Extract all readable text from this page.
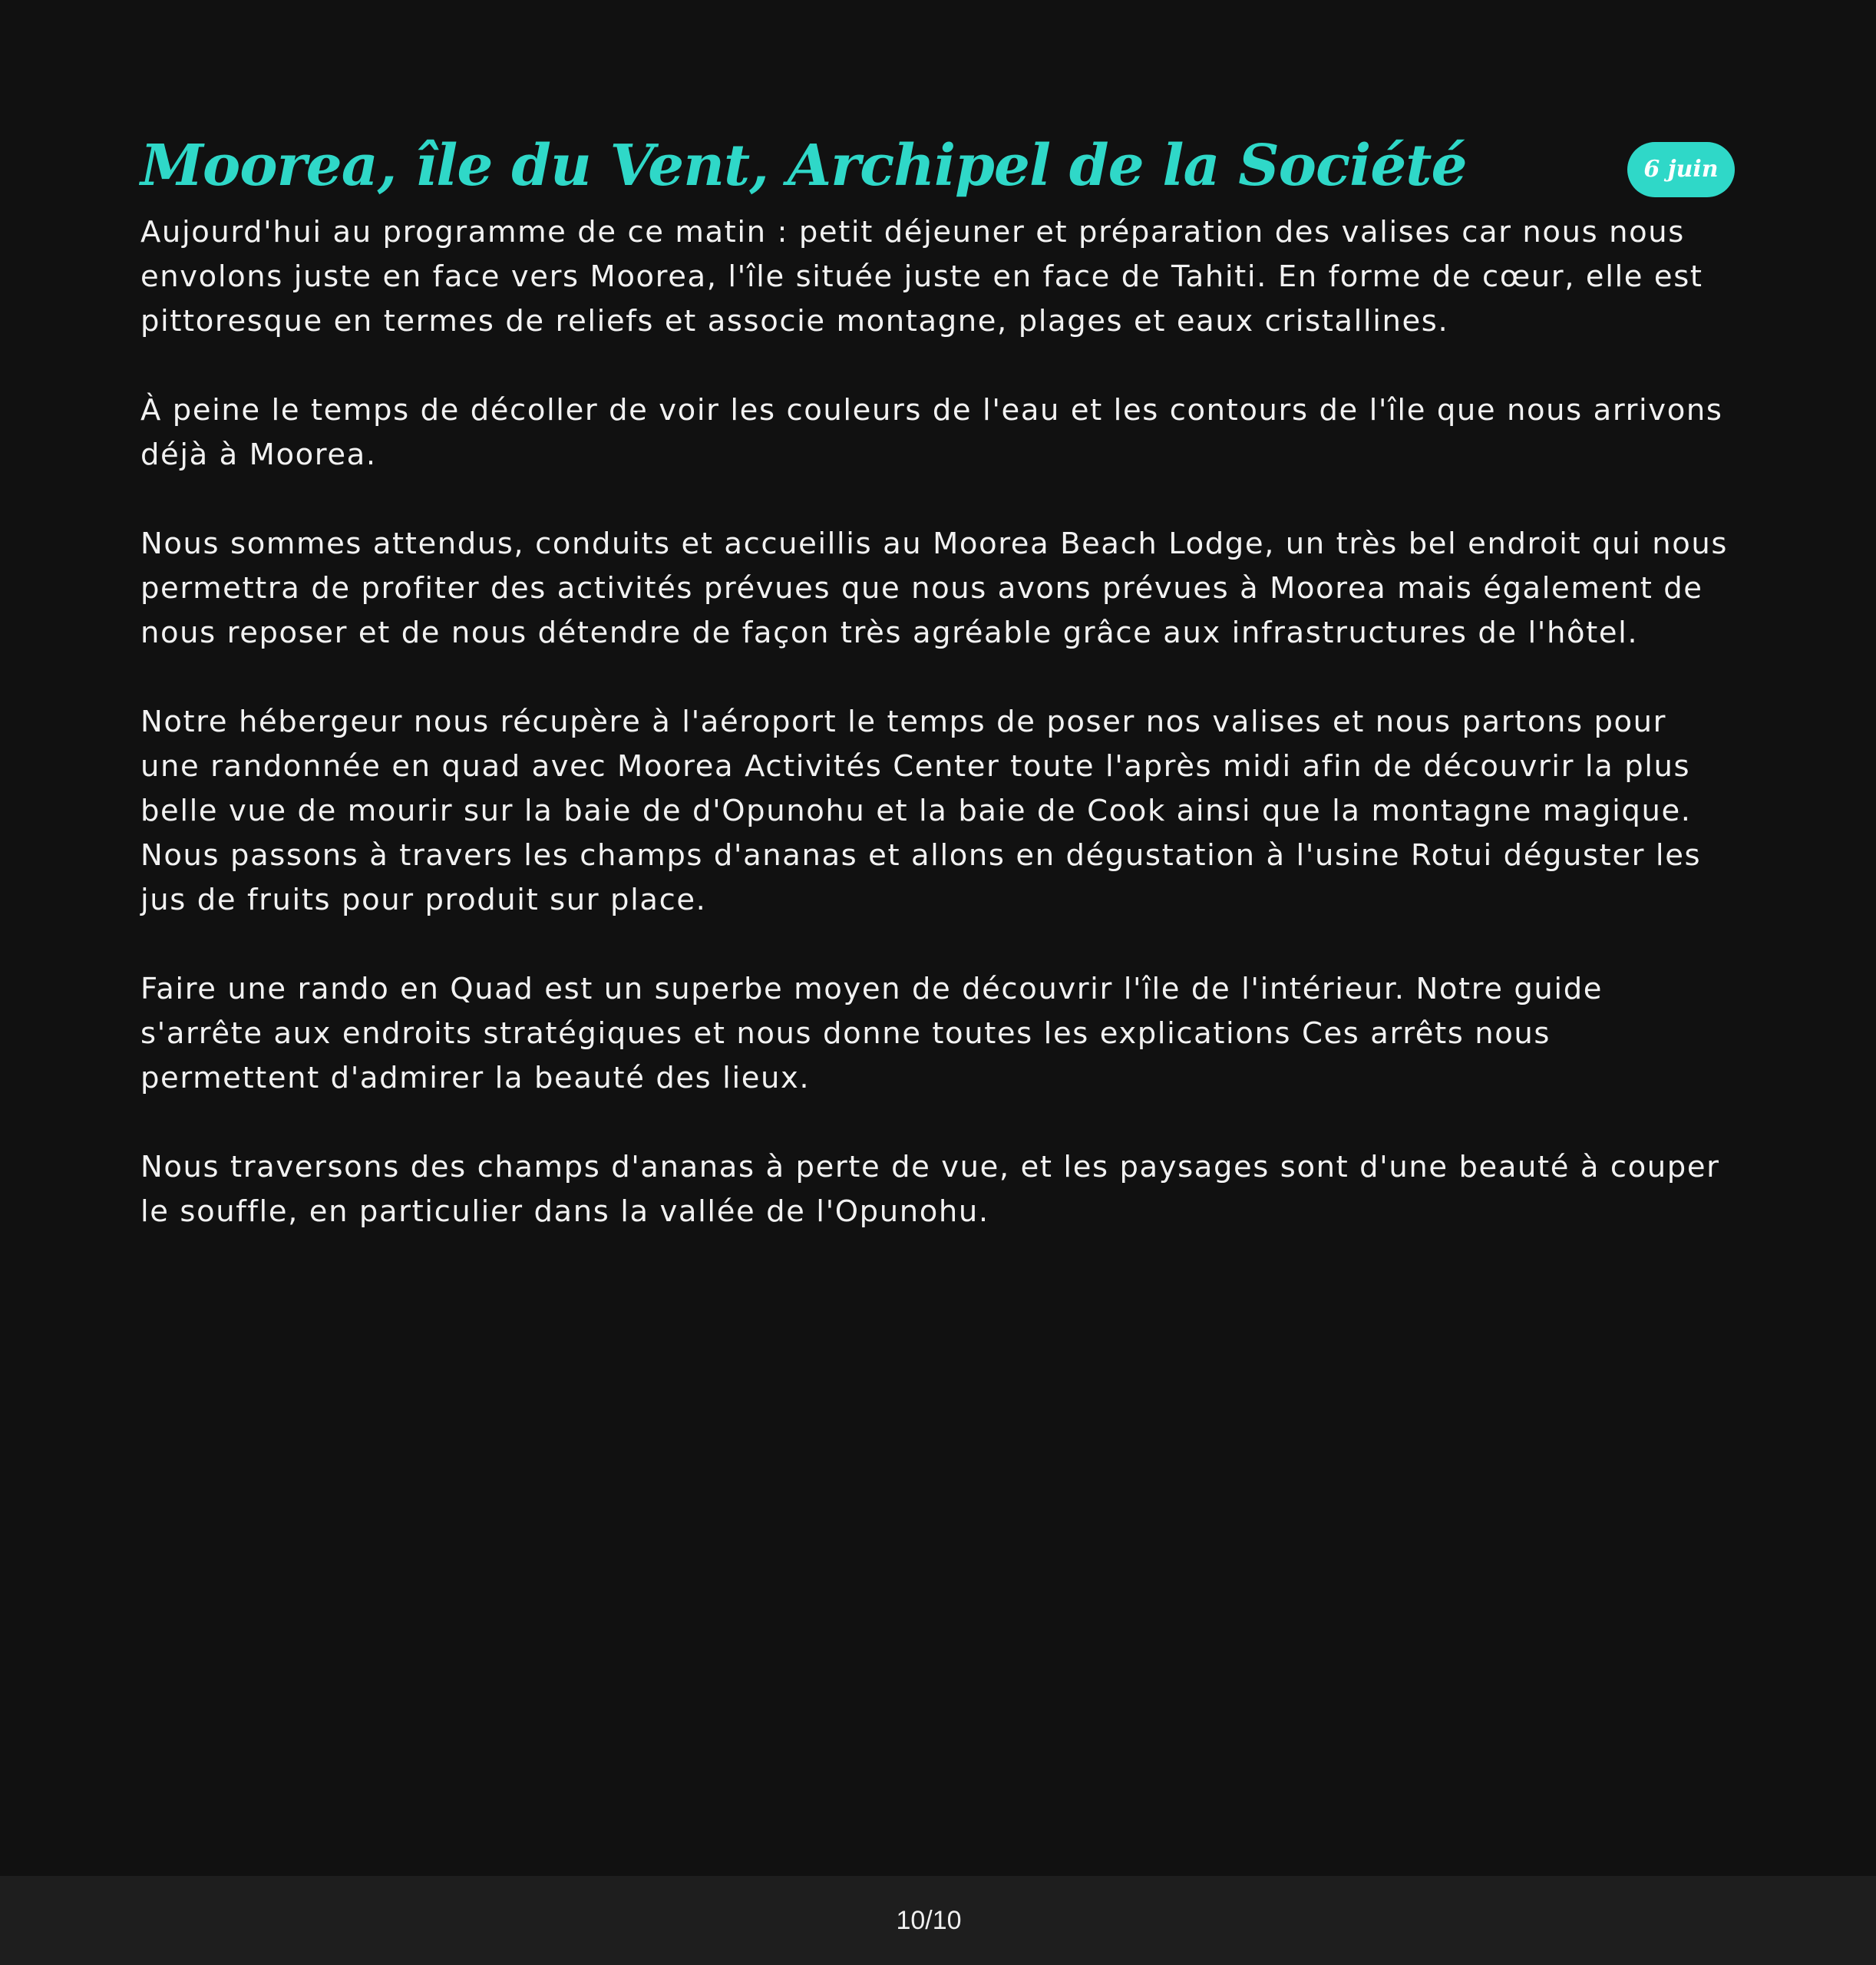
Moorea, île du Vent, Archipel de la Société	6 juin

Aujourd'hui au programme de ce matin : petit déjeuner et préparation des valises car nous nous envolons juste en face vers Moorea, l'île située juste en face de Tahiti. En forme de cœur, elle est pittoresque en termes de reliefs et associe montagne, plages et eaux cristallines.

À peine le temps de décoller de voir les couleurs de l'eau et les contours de l'île que nous arrivons déjà à Moorea.

Nous sommes attendus, conduits et accueillis au Moorea Beach Lodge, un très bel endroit qui nous permettra de profiter des activités prévues que nous avons prévues à Moorea mais également de nous reposer et de nous détendre de façon très agréable grâce aux infrastructures de l'hôtel.

Notre hébergeur nous récupère à l'aéroport le temps de poser nos valises et nous partons pour une randonnée en quad avec Moorea Activités Center toute l'après midi afin de découvrir la plus belle vue de mourir sur la baie de d'Opunohu et la baie de Cook ainsi que la montagne magique. Nous passons à travers les champs d'ananas et allons en dégustation à l'usine Rotui déguster les jus de fruits pour produit sur place.

Faire une rando en Quad est un superbe moyen de découvrir l'île de l'intérieur. Notre guide s'arrête aux endroits stratégiques et nous donne toutes les explications Ces arrêts nous permettent d'admirer la beauté des lieux.

Nous traversons des champs d'ananas à perte de vue, et les paysages sont d'une beauté à couper le souffle, en particulier dans la vallée de l'Opunohu.

10/10
